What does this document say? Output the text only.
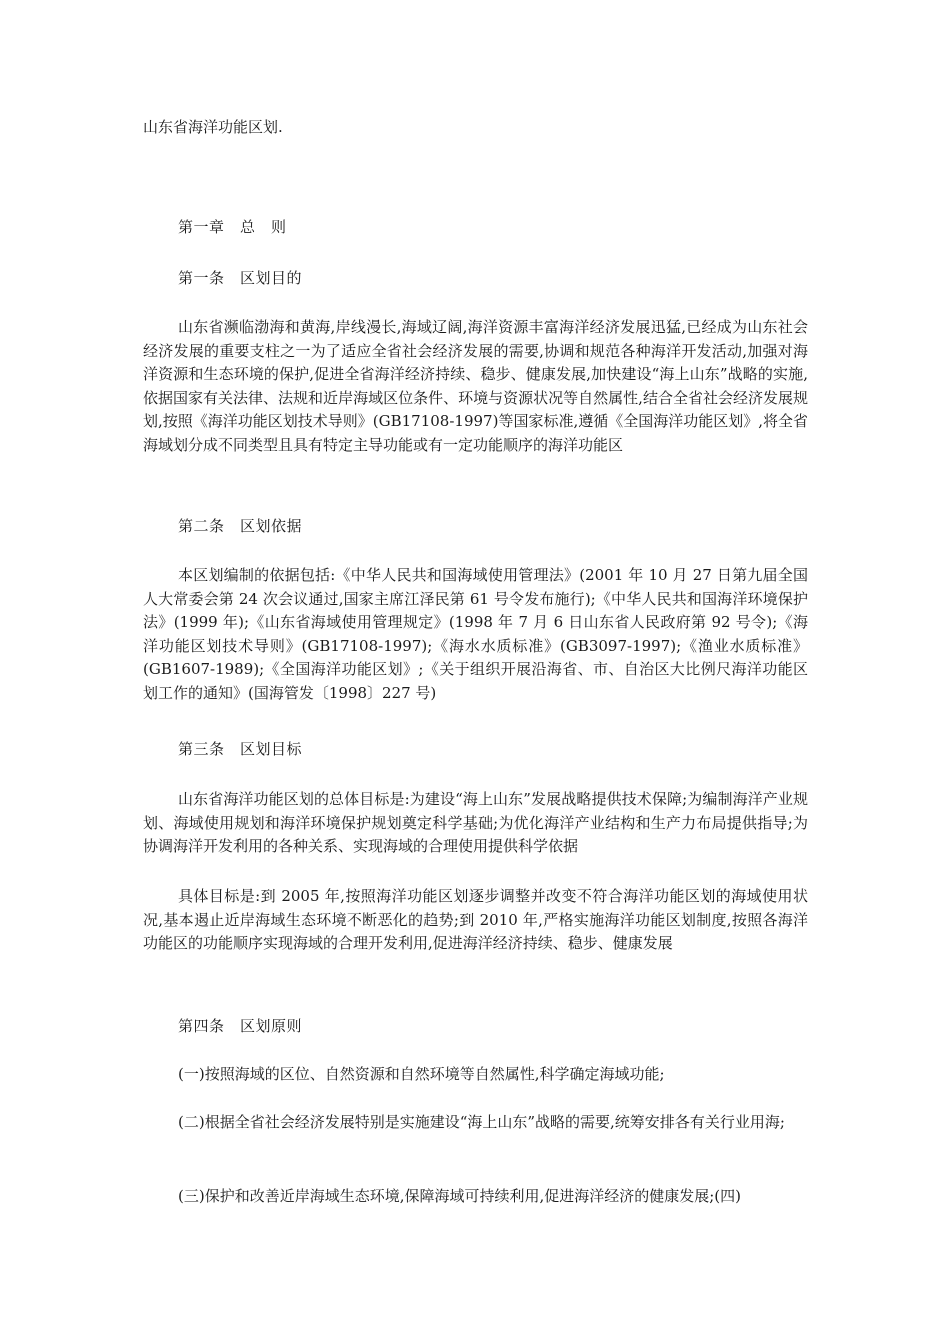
山东省海洋功能区划.

第一章　总　则

第一条　区划目的

山东省濒临渤海和黄海,岸线漫长,海域辽阔,海洋资源丰富海洋经济发展迅猛,已经成为山东社会经济发展的重要支柱之一为了适应全省社会经济发展的需要,协调和规范各种海洋开发活动,加强对海洋资源和生态环境的保护,促进全省海洋经济持续、稳步、健康发展,加快建设“海上山东”战略的实施,依据国家有关法律、法规和近岸海域区位条件、环境与资源状况等自然属性,结合全省社会经济发展规划,按照《海洋功能区划技术导则》(GB17108-1997)等国家标准,遵循《全国海洋功能区划》,将全省海域划分成不同类型且具有特定主导功能或有一定功能顺序的海洋功能区

第二条　区划依据

本区划编制的依据包括:《中华人民共和国海域使用管理法》(2001 年 10 月 27 日第九届全国人大常委会第 24 次会议通过,国家主席江泽民第 61 号令发布施行);《中华人民共和国海洋环境保护法》(1999 年);《山东省海域使用管理规定》(1998 年 7 月 6 日山东省人民政府第 92 号令);《海洋功能区划技术导则》(GB17108-1997);《海水水质标准》(GB3097-1997);《渔业水质标准》(GB1607-1989);《全国海洋功能区划》;《关于组织开展沿海省、市、自治区大比例尺海洋功能区划工作的通知》(国海管发〔1998〕227 号)

第三条　区划目标

山东省海洋功能区划的总体目标是:为建设“海上山东”发展战略提供技术保障;为编制海洋产业规划、海域使用规划和海洋环境保护规划奠定科学基础;为优化海洋产业结构和生产力布局提供指导;为协调海洋开发利用的各种关系、实现海域的合理使用提供科学依据

具体目标是:到 2005 年,按照海洋功能区划逐步调整并改变不符合海洋功能区划的海域使用状况,基本遏止近岸海域生态环境不断恶化的趋势;到 2010 年,严格实施海洋功能区划制度,按照各海洋功能区的功能顺序实现海域的合理开发利用,促进海洋经济持续、稳步、健康发展

第四条　区划原则

(一)按照海域的区位、自然资源和自然环境等自然属性,科学确定海域功能;

(二)根据全省社会经济发展特别是实施建设“海上山东”战略的需要,统筹安排各有关行业用海;

(三)保护和改善近岸海域生态环境,保障海域可持续利用,促进海洋经济的健康发展;(四)
